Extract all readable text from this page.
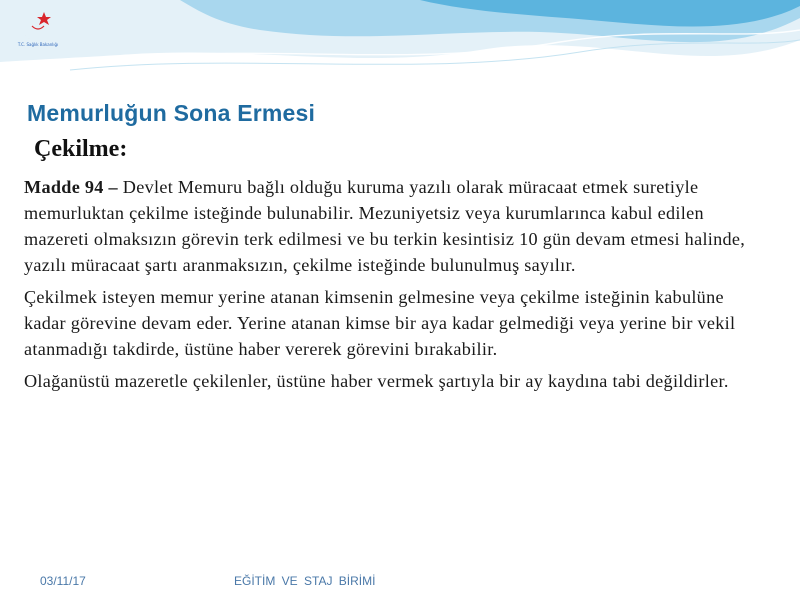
T.C. Sağlık Bakanlığı
Memurluğun Sona Ermesi
Çekilme:

Madde 94 – Devlet Memuru bağlı olduğu kuruma yazılı olarak müracaat etmek suretiyle memurluktan çekilme isteğinde bulunabilir. Mezuniyetsiz veya kurumlarınca kabul edilen mazereti olmaksızın görevin terk edilmesi ve bu terkin kesintisiz 10 gün devam etmesi halinde, yazılı müracaat şartı aranmaksızın, çekilme isteğinde bulunulmuş sayılır.

Çekilmek isteyen memur yerine atanan kimsenin gelmesine veya çekilme isteğinin kabulüne kadar görevine devam eder. Yerine atanan kimse bir aya kadar gelmediği veya yerine bir vekil atanmadığı takdirde, üstüne haber vererek görevini bırakabilir.

Olağanüstü mazeretle çekilenler, üstüne haber vermek şartıyla bir ay kaydına tabi değildirler.

03/11/17	EĞİTİM VE STAJ BİRİMİ
